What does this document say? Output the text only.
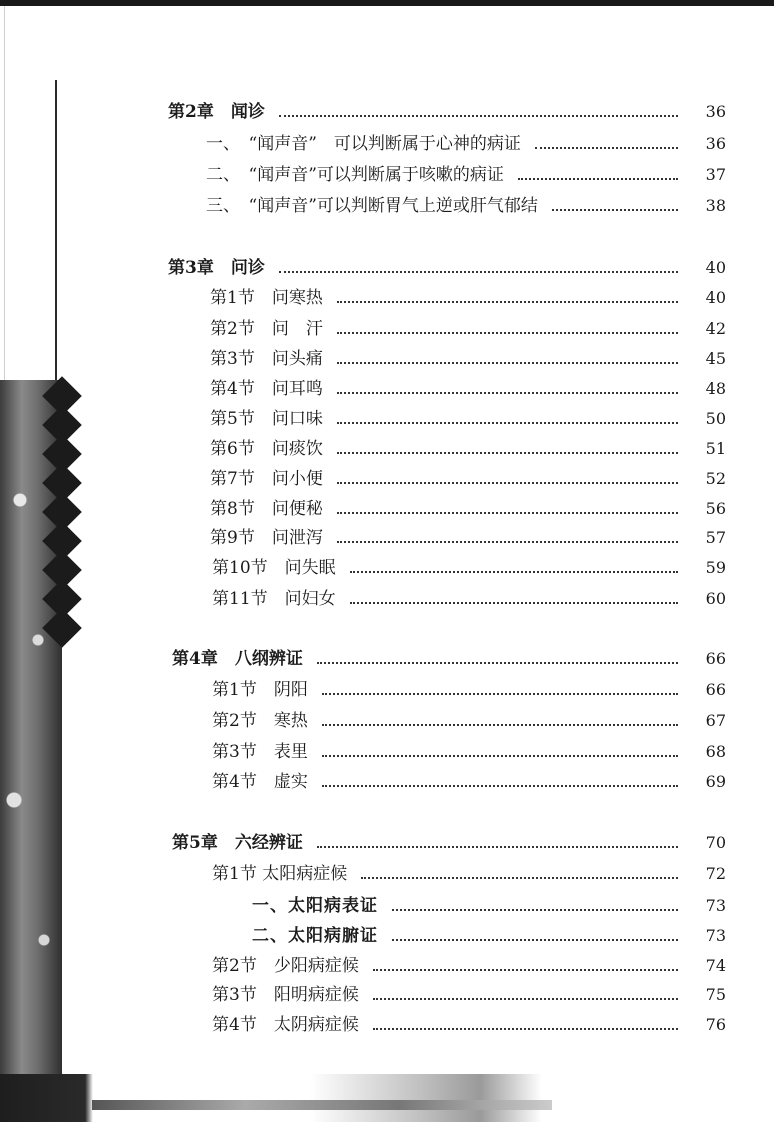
第2章　闻诊	36
一、　“闻声音”　可以判断属于心神的病证	36
二、　“闻声音”可以判断属于咳嗽的病证	37
三、　“闻声音”可以判断胃气上逆或肝气郁结	38
第3章　问诊	40
第1节　问寒热	40
第2节　问　汗	42
第3节　问头痛	45
第4节　问耳鸣	48
第5节　问口味	50
第6节　问痰饮	51
第7节　问小便	52
第8节　问便秘	56
第9节　问泄泻	57
第10节　问失眠	59
第11节　问妇女	60
第4章　八纲辨证	66
第1节　阴阳	66
第2节　寒热	67
第3节　表里	68
第4节　虚实	69
第5章　六经辨证	70
第1节 太阳病症候	72
一、太阳病表证	73
二、太阳病腑证	73
第2节　少阳病症候	74
第3节　阳明病症候	75
第4节　太阴病症候	76
